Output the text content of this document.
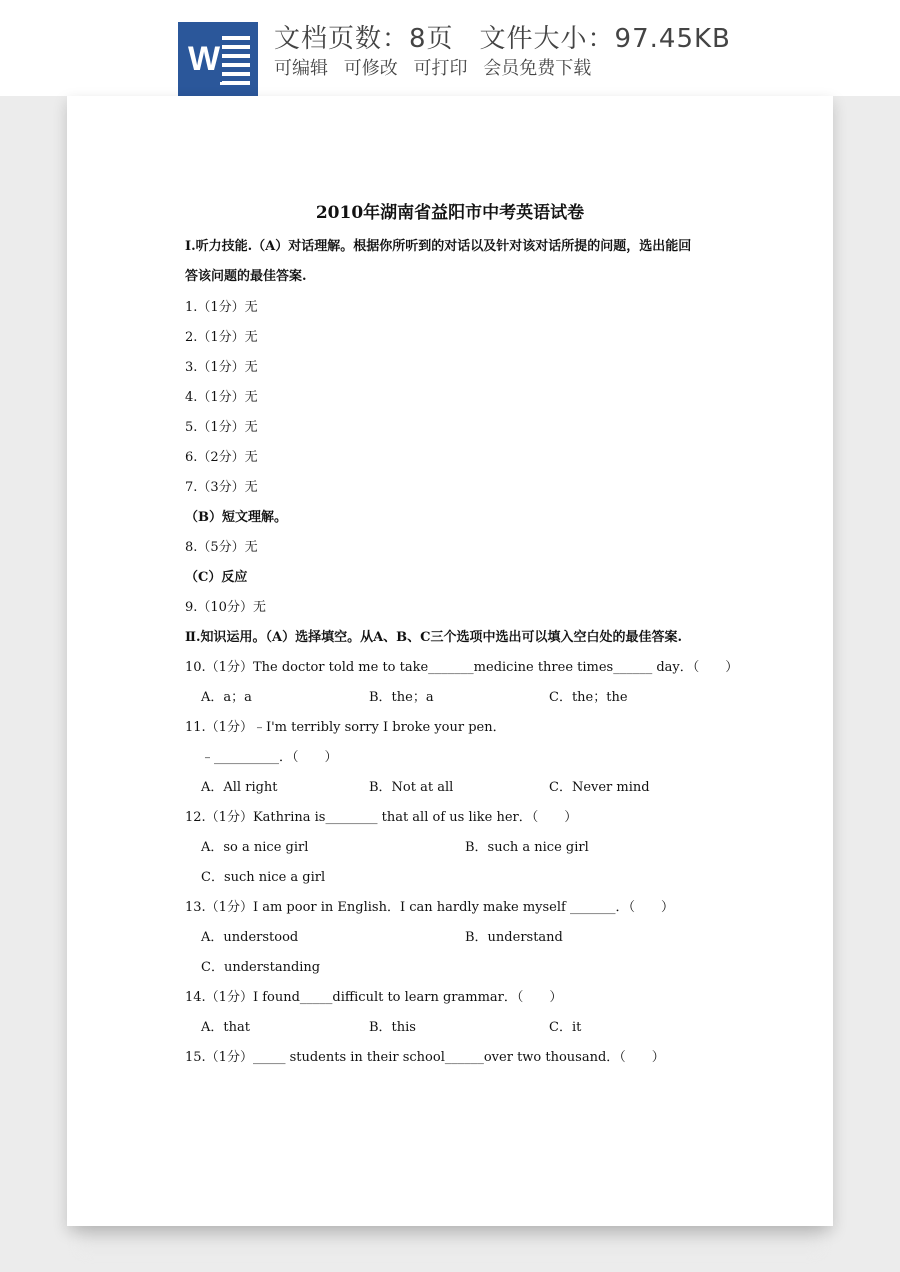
W
文档页数：8页 文件大小：97.45KB
可编辑 可修改 可打印 会员免费下载
2010年湖南省益阳市中考英语试卷
Ⅰ.听力技能.（A）对话理解。根据你所听到的对话以及针对该对话所提的问题，选出能回
答该问题的最佳答案.
1.（1分）无
2.（1分）无
3.（1分）无
4.（1分）无
5.（1分）无
6.（2分）无
7.（3分）无
（B）短文理解。
8.（5分）无
（C）反应
9.（10分）无
Ⅱ.知识运用。（A）选择填空。从A、B、C三个选项中选出可以填入空白处的最佳答案.
10.（1分）The doctor told me to take_______medicine three times______ day．（　　）
A．a；a	B．the；a	C．the；the
11.（1分）﹣I'm terribly sorry I broke your pen．
﹣__________．（　　）
A．All right	B．Not at all	C．Never mind
12.（1分）Kathrina is________ that all of us like her．（　　）
A．so a nice girl	B．such a nice girl
C．such nice a girl
13.（1分）I am poor in English．I can hardly make myself _______．（　　）
A．understood	B．understand
C．understanding
14.（1分）I found_____difficult to learn grammar．（　　）
A．that	B．this	C．it
15.（1分）_____ students in their school______over two thousand．（　　）
